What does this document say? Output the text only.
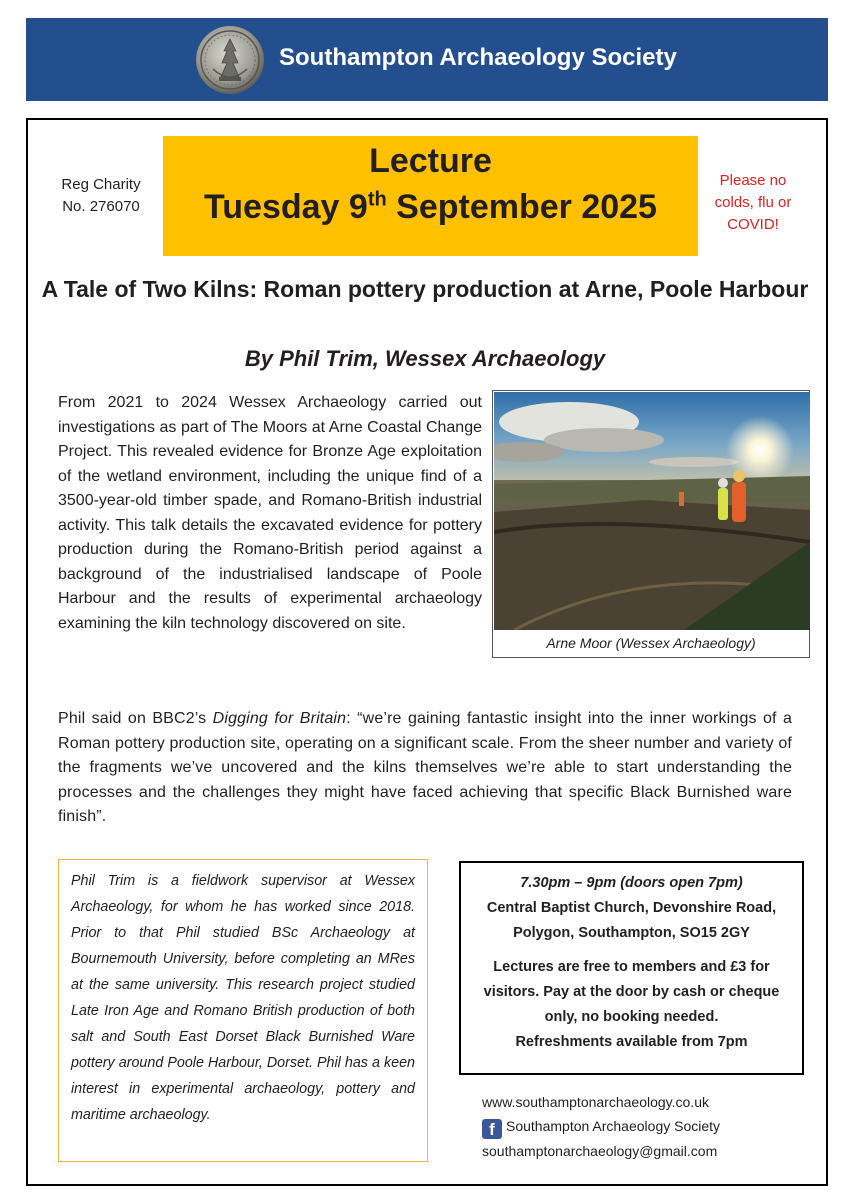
Southampton Archaeology Society
Reg Charity
No. 276070
Lecture
Tuesday 9th September 2025
Please no colds, flu or COVID!
A Tale of Two Kilns: Roman pottery production at Arne, Poole Harbour
By Phil Trim, Wessex Archaeology
From 2021 to 2024 Wessex Archaeology carried out investigations as part of The Moors at Arne Coastal Change Project. This revealed evidence for Bronze Age exploitation of the wetland environment, including the unique find of a 3500-year-old timber spade, and Romano-British industrial activity. This talk details the excavated evidence for pottery production during the Romano-British period against a background of the industrialised landscape of Poole Harbour and the results of experimental archaeology examining the kiln technology discovered on site.
Arne Moor (Wessex Archaeology)
Phil said on BBC2’s Digging for Britain: “we’re gaining fantastic insight into the inner workings of a Roman pottery production site, operating on a significant scale. From the sheer number and variety of the fragments we’ve uncovered and the kilns themselves we’re able to start understanding the processes and the challenges they might have faced achieving that specific Black Burnished ware finish”.
Phil Trim is a fieldwork supervisor at Wessex Archaeology, for whom he has worked since 2018. Prior to that Phil studied BSc Archaeology at Bournemouth University, before completing an MRes at the same university. This research project studied Late Iron Age and Romano British production of both salt and South East Dorset Black Burnished Ware pottery around Poole Harbour, Dorset. Phil has a keen interest in experimental archaeology, pottery and maritime archaeology.
7.30pm – 9pm (doors open 7pm)
Central Baptist Church, Devonshire Road, Polygon, Southampton, SO15 2GY
Lectures are free to members and £3 for visitors. Pay at the door by cash or cheque only, no booking needed.
Refreshments available from 7pm
www.southamptonarchaeology.co.uk
f Southampton Archaeology Society
southamptonarchaeology@gmail.com
